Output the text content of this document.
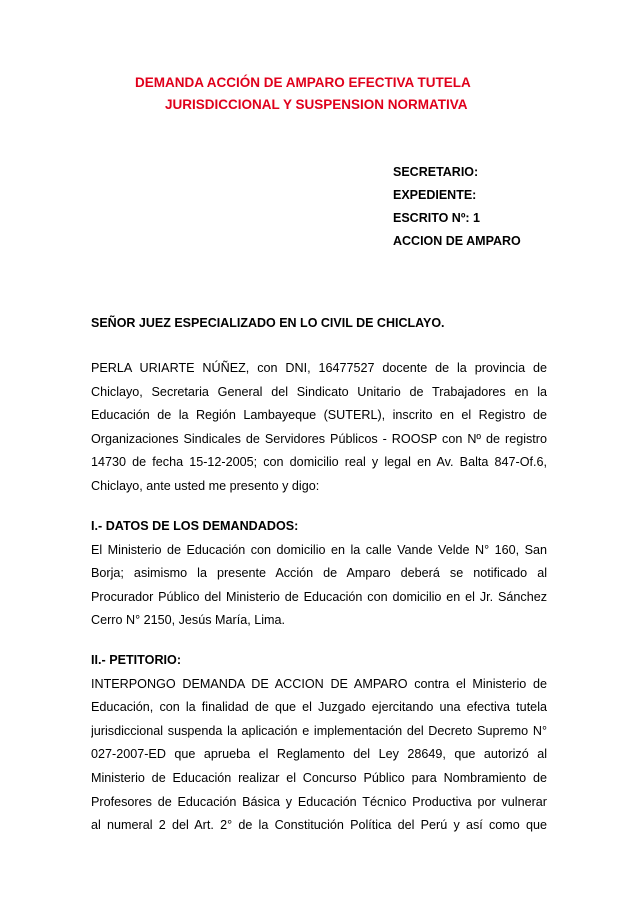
DEMANDA ACCIÓN DE AMPARO EFECTIVA TUTELA
JURISDICCIONAL Y SUSPENSION NORMATIVA
SECRETARIO:
EXPEDIENTE:
ESCRITO Nº: 1
ACCION DE AMPARO
SEÑOR JUEZ ESPECIALIZADO EN LO CIVIL DE CHICLAYO.
PERLA URIARTE NÚÑEZ, con DNI, 16477527 docente de la provincia de
Chiclayo, Secretaria General del Sindicato Unitario de Trabajadores en la
Educación de la Región Lambayeque (SUTERL), inscrito en el Registro de
Organizaciones Sindicales de Servidores Públicos - ROOSP con Nº de registro
14730 de fecha 15-12-2005; con domicilio real y legal en Av. Balta 847-Of.6,
Chiclayo, ante usted me presento y digo:
I.- DATOS DE LOS DEMANDADOS:
El Ministerio de Educación con domicilio en la calle Vande Velde N° 160, San
Borja; asimismo la presente Acción de Amparo deberá se notificado al
Procurador Público del Ministerio de Educación con domicilio en el Jr. Sánchez
Cerro N° 2150, Jesús María, Lima.
II.- PETITORIO:
INTERPONGO DEMANDA DE ACCION DE AMPARO contra el Ministerio de
Educación, con la finalidad de que el Juzgado ejercitando una efectiva tutela
jurisdiccional suspenda la aplicación e implementación del Decreto Supremo N°
027-2007-ED que aprueba el Reglamento del Ley 28649, que autorizó al
Ministerio de Educación realizar el Concurso Público para Nombramiento de
Profesores de Educación Básica y Educación Técnico Productiva por vulnerar
al numeral 2 del Art. 2° de la Constitución Política del Perú y así como que
